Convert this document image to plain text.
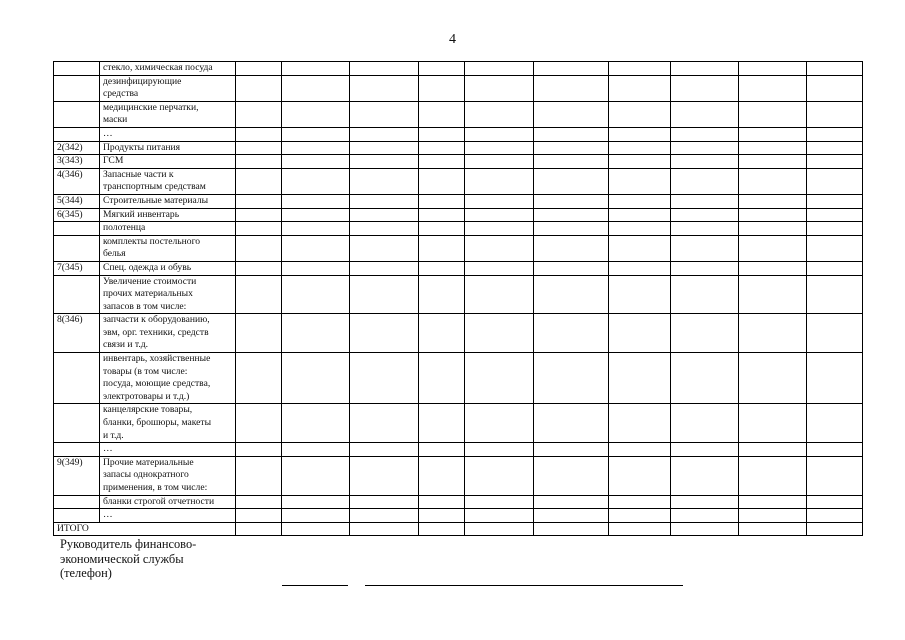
4

	стекло, химическая посуда										

	дезинфицирующие
средства										

	медицинские перчатки,
маски										

	…										

2(342)	Продукты питания										

3(343)	ГСМ										

4(346)	Запасные части к
транспортным средствам										

5(344)	Строительные материалы										

6(345)	Мягкий инвентарь										

	полотенца										

	комплекты постельного
белья										

7(345)	Спец. одежда и обувь										

	Увеличение стоимости
прочих материальных
запасов в том числе:										

8(346)	запчасти к оборудованию,
эвм, орг. техники, средств
связи и т.д.										

	инвентарь, хозяйственные
товары (в том числе:
посуда, моющие средства,
электротовары и т.д.)										

	канцелярские товары,
бланки, брошюры, макеты
и т.д.										

	…										

9(349)	Прочие материальные
запасы однократного
применения, в том числе:										

	бланки строгой отчетности										

	…										

ИТОГО											
Руководитель финансово-
экономической службы
(телефон)
